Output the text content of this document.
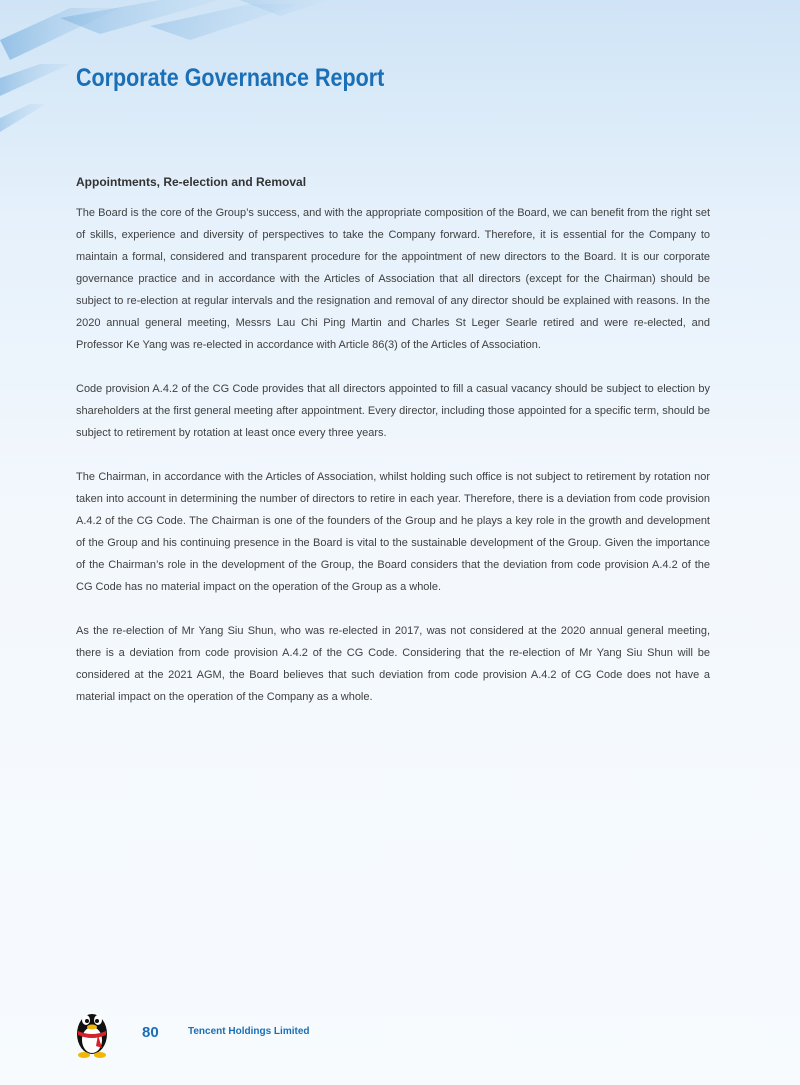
Corporate Governance Report
Appointments, Re-election and Removal

The Board is the core of the Group’s success, and with the appropriate composition of the Board, we can benefit from the right set of skills, experience and diversity of perspectives to take the Company forward. Therefore, it is essential for the Company to maintain a formal, considered and transparent procedure for the appointment of new directors to the Board. It is our corporate governance practice and in accordance with the Articles of Association that all directors (except for the Chairman) should be subject to re-election at regular intervals and the resignation and removal of any director should be explained with reasons. In the 2020 annual general meeting, Messrs Lau Chi Ping Martin and Charles St Leger Searle retired and were re-elected, and Professor Ke Yang was re-elected in accordance with Article 86(3) of the Articles of Association.

Code provision A.4.2 of the CG Code provides that all directors appointed to fill a casual vacancy should be subject to election by shareholders at the first general meeting after appointment. Every director, including those appointed for a specific term, should be subject to retirement by rotation at least once every three years.

The Chairman, in accordance with the Articles of Association, whilst holding such office is not subject to retirement by rotation nor taken into account in determining the number of directors to retire in each year. Therefore, there is a deviation from code provision A.4.2 of the CG Code. The Chairman is one of the founders of the Group and he plays a key role in the growth and development of the Group and his continuing presence in the Board is vital to the sustainable development of the Group. Given the importance of the Chairman’s role in the development of the Group, the Board considers that the deviation from code provision A.4.2 of the CG Code has no material impact on the operation of the Group as a whole.

As the re-election of Mr Yang Siu Shun, who was re-elected in 2017, was not considered at the 2020 annual general meeting, there is a deviation from code provision A.4.2 of the CG Code. Considering that the re-election of Mr Yang Siu Shun will be considered at the 2021 AGM, the Board believes that such deviation from code provision A.4.2 of CG Code does not have a material impact on the operation of the Company as a whole.

80	Tencent Holdings Limited
